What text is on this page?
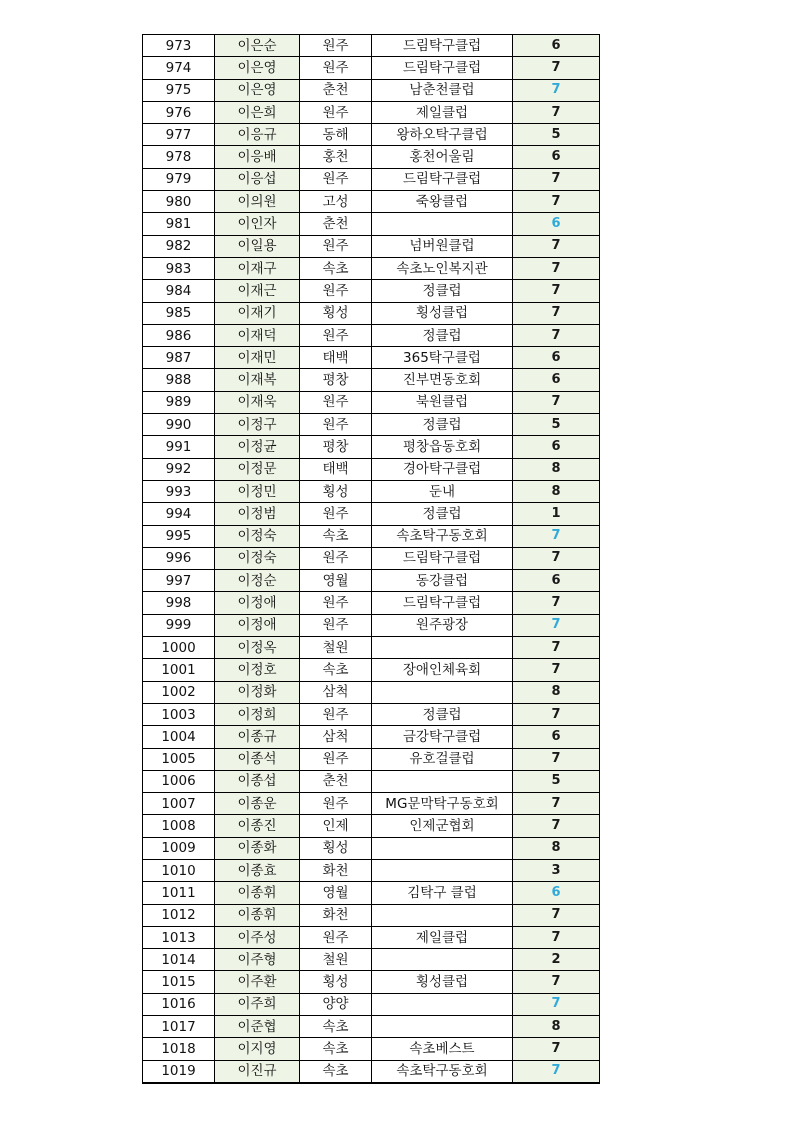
973	이은순	원주	드림탁구클럽	6
974	이은영	원주	드림탁구클럽	7
975	이은영	춘천	남춘천클럽	7
976	이은희	원주	제일클럽	7
977	이응규	동해	왕하오탁구클럽	5
978	이응배	홍천	홍천어울림	6
979	이응섭	원주	드림탁구클럽	7
980	이의원	고성	죽왕클럽	7
981	이인자	춘천		6
982	이일용	원주	넘버원클럽	7
983	이재구	속초	속초노인복지관	7
984	이재근	원주	정클럽	7
985	이재기	횡성	횡성클럽	7
986	이재덕	원주	정클럽	7
987	이재민	태백	365탁구클럽	6
988	이재복	평창	진부면동호회	6
989	이재욱	원주	북원클럽	7
990	이정구	원주	정클럽	5
991	이정균	평창	평창읍동호회	6
992	이정문	태백	경아탁구클럽	8
993	이정민	횡성	둔내	8
994	이정범	원주	정클럽	1
995	이정숙	속초	속초탁구동호회	7
996	이정숙	원주	드림탁구클럽	7
997	이정순	영월	동강클럽	6
998	이정애	원주	드림탁구클럽	7
999	이정애	원주	원주광장	7
1000	이정옥	철원		7
1001	이정호	속초	장애인체육회	7
1002	이정화	삼척		8
1003	이정희	원주	정클럽	7
1004	이종규	삼척	금강탁구클럽	6
1005	이종석	원주	유호걸클럽	7
1006	이종섭	춘천		5
1007	이종운	원주	MG문막탁구동호회	7
1008	이종진	인제	인제군협회	7
1009	이종화	횡성		8
1010	이종효	화천		3
1011	이종휘	영월	김탁구 클럽	6
1012	이종휘	화천		7
1013	이주성	원주	제일클럽	7
1014	이주형	철원		2
1015	이주환	횡성	횡성클럽	7
1016	이주희	양양		7
1017	이준협	속초		8
1018	이지영	속초	속초베스트	7
1019	이진규	속초	속초탁구동호회	7
